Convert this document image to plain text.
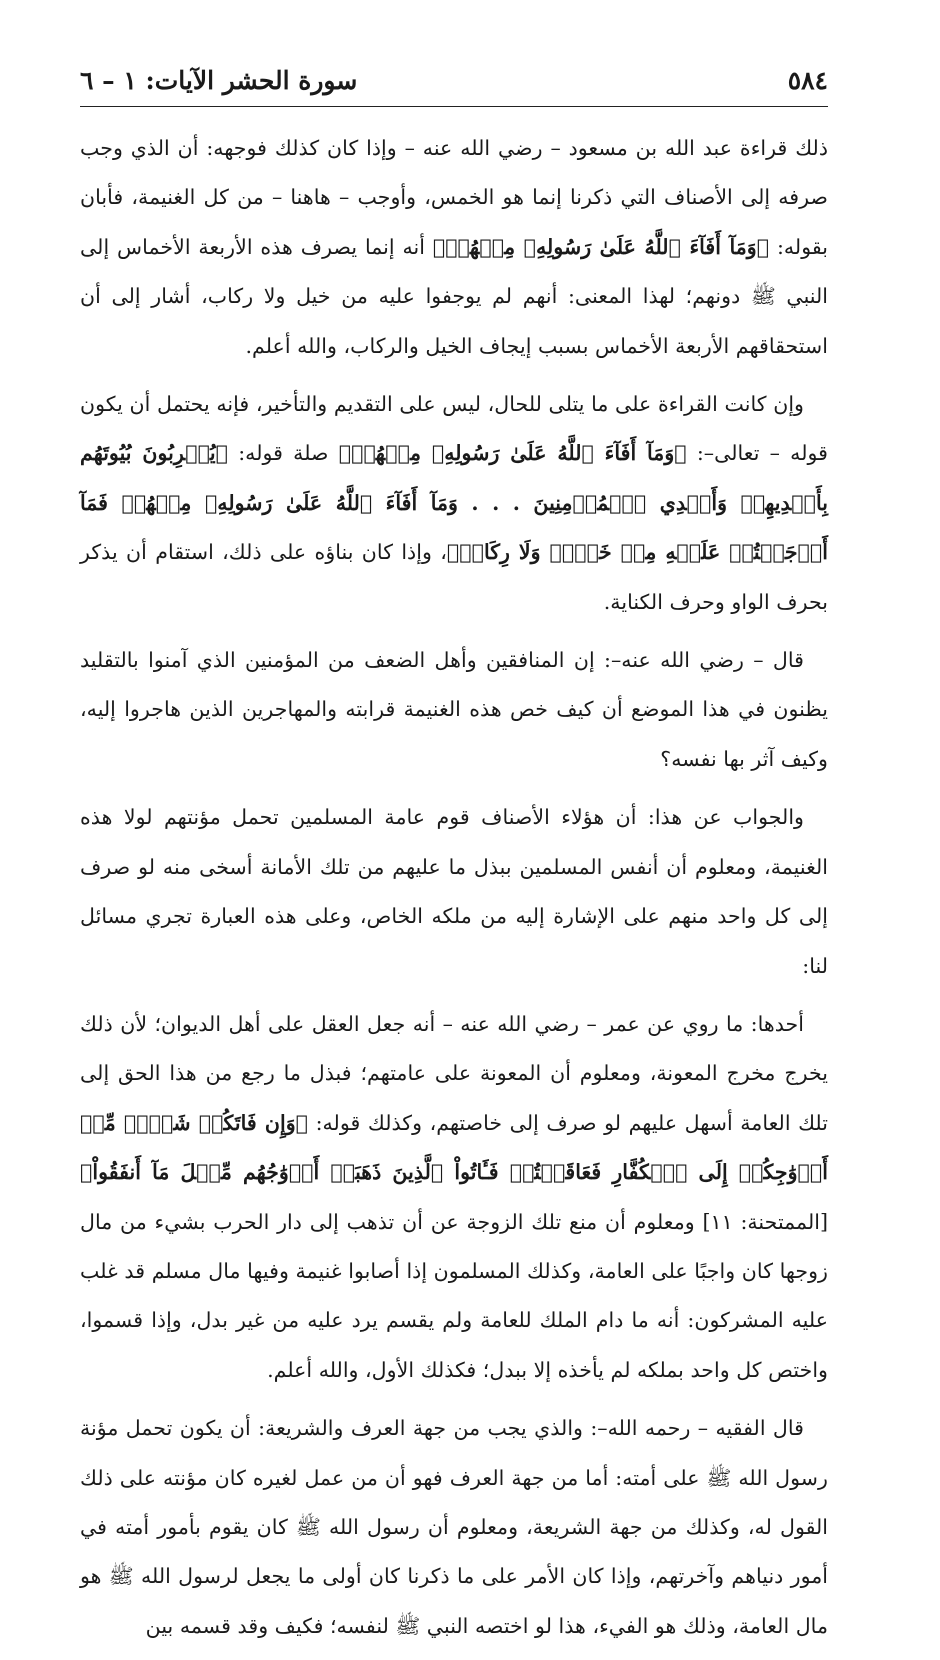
٥٨٤
سورة الحشر الآيات: ١ – ٦

ذلك قراءة عبد الله بن مسعود – رضي الله عنه – وإذا كان كذلك فوجهه: أن الذي وجب صرفه إلى الأصناف التي ذكرنا إنما هو الخمس، وأوجب – هاهنا – من كل الغنيمة، فأبان بقوله: ﴿وَمَآ أَفَآءَ ٱللَّهُ عَلَىٰ رَسُولِهِۦ مِنۡهُمۡ﴾ أنه إنما يصرف هذه الأربعة الأخماس إلى النبي ﷺ دونهم؛ لهذا المعنى: أنهم لم يوجفوا عليه من خيل ولا ركاب، أشار إلى أن استحقاقهم الأربعة الأخماس بسبب إيجاف الخيل والركاب، والله أعلم.

وإن كانت القراءة على ما يتلى للحال، ليس على التقديم والتأخير، فإنه يحتمل أن يكون قوله – تعالى–: ﴿وَمَآ أَفَآءَ ٱللَّهُ عَلَىٰ رَسُولِهِۦ مِنۡهُمۡ﴾ صلة قوله: ﴿يُخۡرِبُونَ بُيُوتَهُم بِأَيۡدِيهِمۡ وَأَيۡدِي ٱلۡمُؤۡمِنِينَ . . . وَمَآ أَفَآءَ ٱللَّهُ عَلَىٰ رَسُولِهِۦ مِنۡهُمۡ فَمَآ أَوۡجَفۡتُمۡ عَلَيۡهِ مِنۡ خَيۡلٖ وَلَا رِكَابٖ﴾، وإذا كان بناؤه على ذلك، استقام أن يذكر بحرف الواو وحرف الكناية.

قال – رضي الله عنه–: إن المنافقين وأهل الضعف من المؤمنين الذي آمنوا بالتقليد يظنون في هذا الموضع أن كيف خص هذه الغنيمة قرابته والمهاجرين الذين هاجروا إليه، وكيف آثر بها نفسه؟

والجواب عن هذا: أن هؤلاء الأصناف قوم عامة المسلمين تحمل مؤنتهم لولا هذه الغنيمة، ومعلوم أن أنفس المسلمين ببذل ما عليهم من تلك الأمانة أسخى منه لو صرف إلى كل واحد منهم على الإشارة إليه من ملكه الخاص، وعلى هذه العبارة تجري مسائل لنا:

أحدها: ما روي عن عمر – رضي الله عنه – أنه جعل العقل على أهل الديوان؛ لأن ذلك يخرج مخرج المعونة، ومعلوم أن المعونة على عامتهم؛ فبذل ما رجع من هذا الحق إلى تلك العامة أسهل عليهم لو صرف إلى خاصتهم، وكذلك قوله: ﴿وَإِن فَاتَكُمۡ شَيۡءٞ مِّنۡ أَزۡوَٰجِكُمۡ إِلَى ٱلۡكُفَّارِ فَعَاقَبۡتُمۡ فَـَٔاتُواْ ٱلَّذِينَ ذَهَبَتۡ أَزۡوَٰجُهُم مِّثۡلَ مَآ أَنفَقُواْ﴾ [الممتحنة: ١١] ومعلوم أن منع تلك الزوجة عن أن تذهب إلى دار الحرب بشيء من مال زوجها كان واجبًا على العامة، وكذلك المسلمون إذا أصابوا غنيمة وفيها مال مسلم قد غلب عليه المشركون: أنه ما دام الملك للعامة ولم يقسم يرد عليه من غير بدل، وإذا قسموا، واختص كل واحد بملكه لم يأخذه إلا ببدل؛ فكذلك الأول، والله أعلم.

قال الفقيه – رحمه الله–: والذي يجب من جهة العرف والشريعة: أن يكون تحمل مؤنة رسول الله ﷺ على أمته: أما من جهة العرف فهو أن من عمل لغيره كان مؤنته على ذلك القول له، وكذلك من جهة الشريعة، ومعلوم أن رسول الله ﷺ كان يقوم بأمور أمته في أمور دنياهم وآخرتهم، وإذا كان الأمر على ما ذكرنا كان أولى ما يجعل لرسول الله ﷺ هو مال العامة، وذلك هو الفيء، هذا لو اختصه النبي ﷺ لنفسه؛ فكيف وقد قسمه بين
